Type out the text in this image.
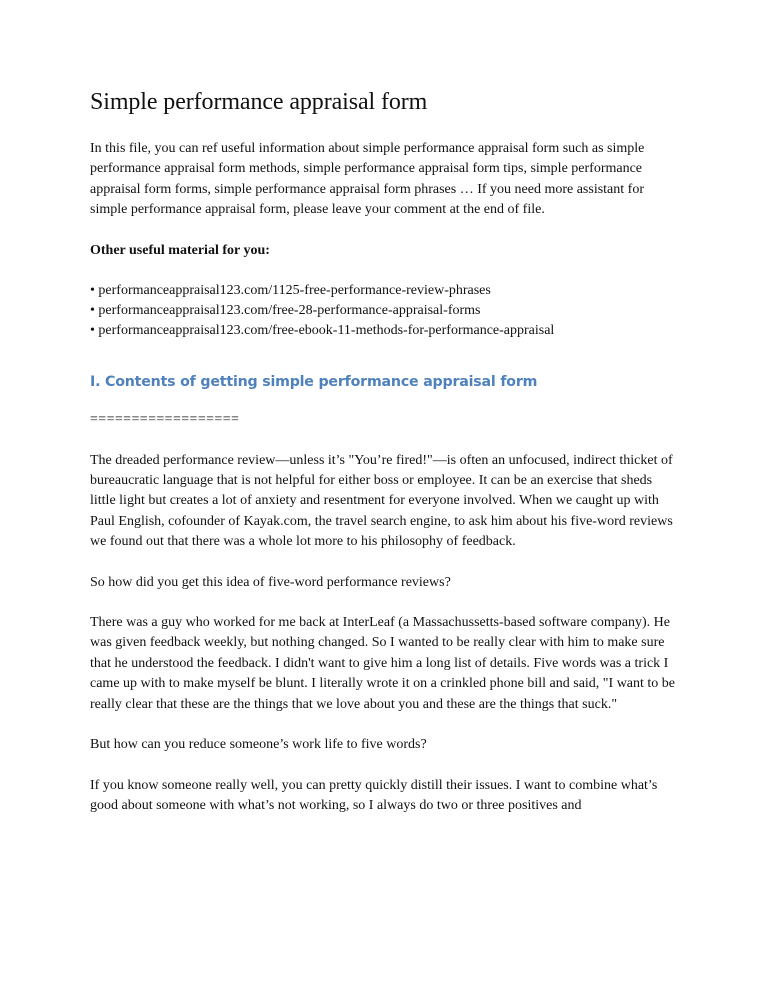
Simple performance appraisal form

In this file, you can ref useful information about simple performance appraisal form such as simple performance appraisal form methods, simple performance appraisal form tips, simple performance appraisal form forms, simple performance appraisal form phrases … If you need more assistant for simple performance appraisal form, please leave your comment at the end of file.

Other useful material for you:

• performanceappraisal123.com/1125-free-performance-review-phrases
• performanceappraisal123.com/free-28-performance-appraisal-forms
• performanceappraisal123.com/free-ebook-11-methods-for-performance-appraisal
I. Contents of getting simple performance appraisal form

==================

The dreaded performance review—unless it’s "You’re fired!"—is often an unfocused, indirect thicket of bureaucratic language that is not helpful for either boss or employee. It can be an exercise that sheds little light but creates a lot of anxiety and resentment for everyone involved. When we caught up with Paul English, cofounder of Kayak.com, the travel search engine, to ask him about his five-word reviews we found out that there was a whole lot more to his philosophy of feedback.

So how did you get this idea of five-word performance reviews?

There was a guy who worked for me back at InterLeaf (a Massachussetts-based software company). He was given feedback weekly, but nothing changed. So I wanted to be really clear with him to make sure that he understood the feedback. I didn't want to give him a long list of details. Five words was a trick I came up with to make myself be blunt. I literally wrote it on a crinkled phone bill and said, "I want to be really clear that these are the things that we love about you and these are the things that suck."

But how can you reduce someone’s work life to five words?

If you know someone really well, you can pretty quickly distill their issues. I want to combine what’s good about someone with what’s not working, so I always do two or three positives and
